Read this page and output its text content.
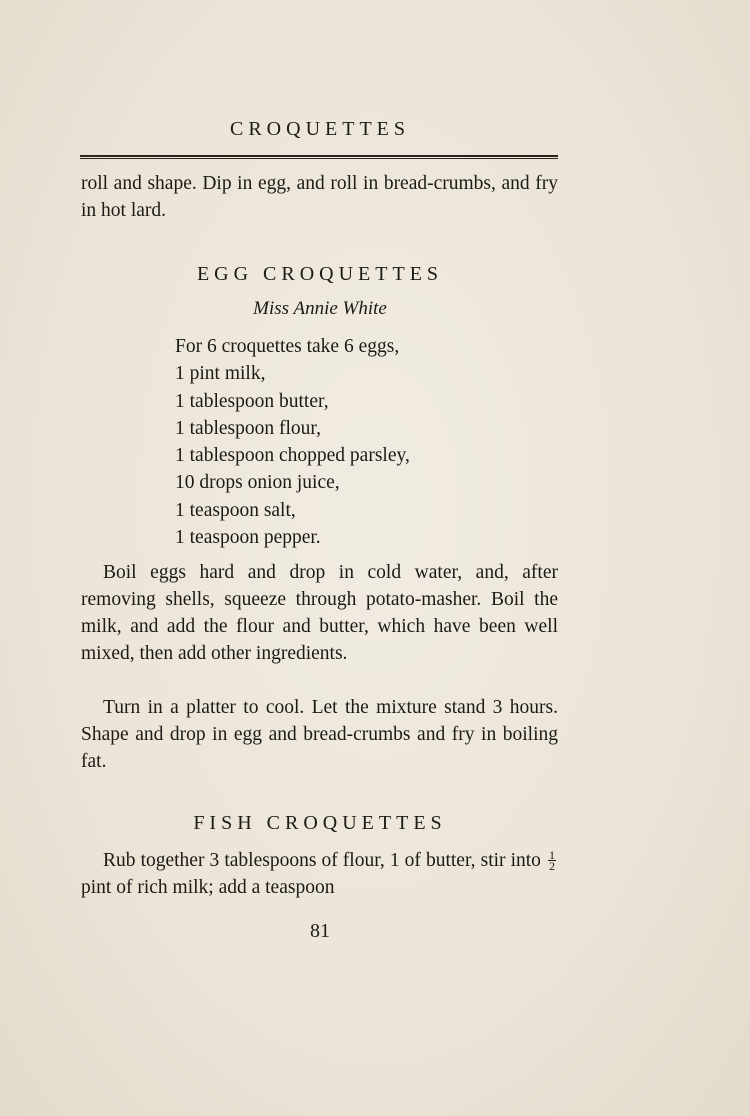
CROQUETTES

roll and shape. Dip in egg, and roll in bread-crumbs, and fry in hot lard.

EGG CROQUETTES

Miss Annie White

For 6 croquettes take 6 eggs,
1 pint milk,
1 tablespoon butter,
1 tablespoon flour,
1 tablespoon chopped parsley,
10 drops onion juice,
1 teaspoon salt,
1 teaspoon pepper.

Boil eggs hard and drop in cold water, and, after removing shells, squeeze through potato-masher. Boil the milk, and add the flour and butter, which have been well mixed, then add other ingredients.

Turn in a platter to cool. Let the mixture stand 3 hours. Shape and drop in egg and bread-crumbs and fry in boiling fat.

FISH CROQUETTES

Rub together 3 tablespoons of flour, 1 of butter, stir into $\frac{1}{2}$
pint of rich milk; add a teaspoon

81
